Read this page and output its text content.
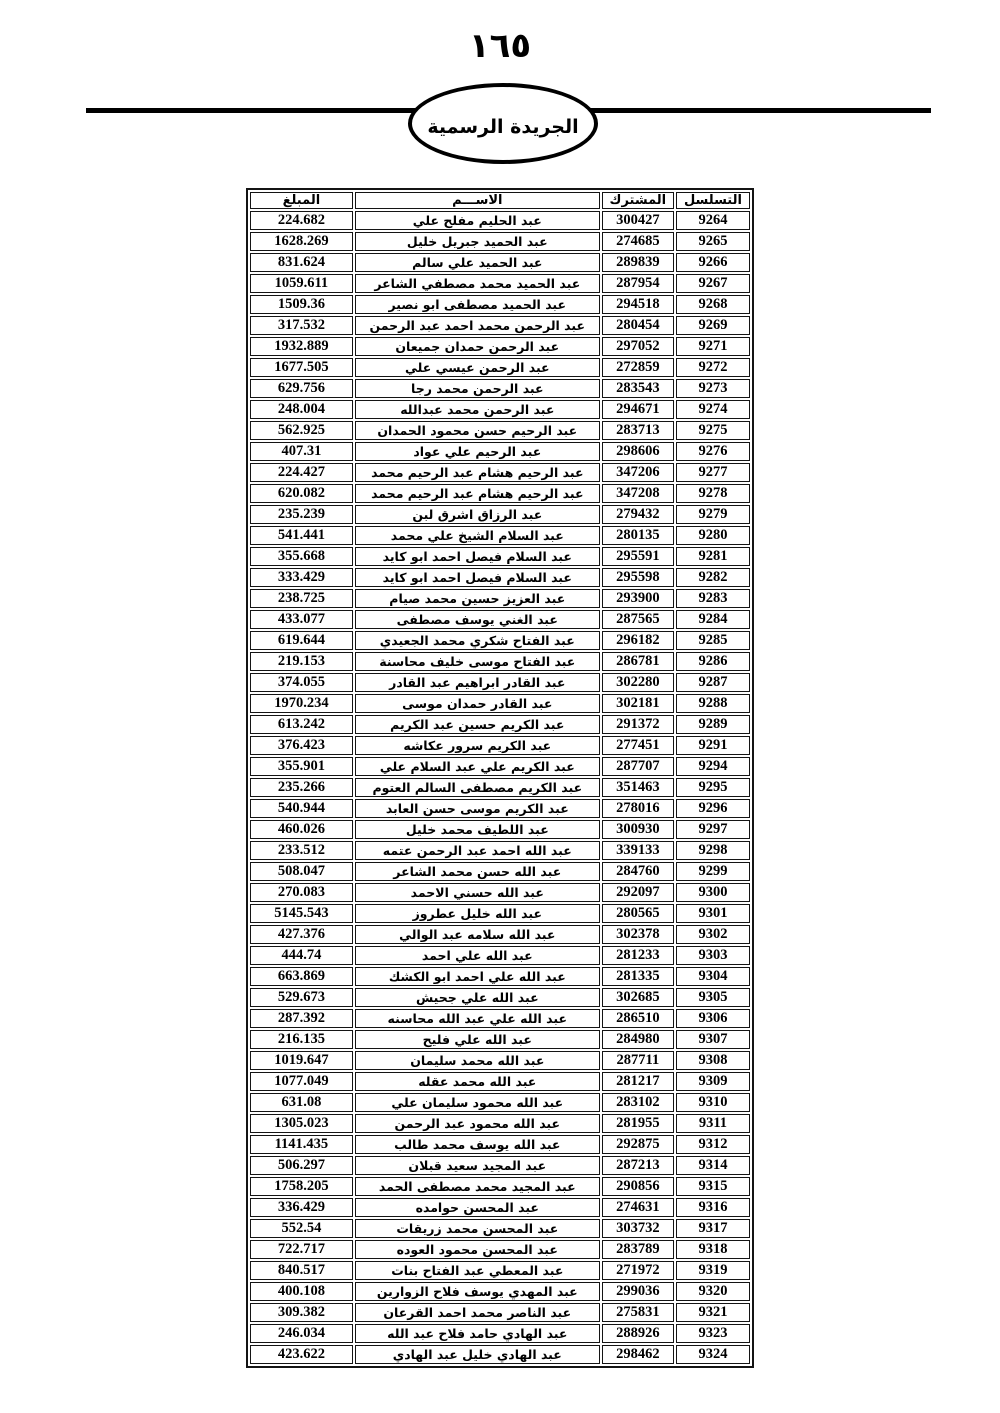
١٦٥
الجريدة الرسمية
التسلسل	المشترك	الاســـم	المبلغ
9264	300427	عبد الحليم مفلح علي	224.682
9265	274685	عبد الحميد جبريل خليل	1628.269
9266	289839	عبد الحميد علي سالم	831.624
9267	287954	عبد الحميد محمد مصطفي الشاعر	1059.611
9268	294518	عبد الحميد مصطفى ابو نصير	1509.36
9269	280454	عبد الرحمن محمد احمد عبد الرحمن	317.532
9271	297052	عبد الرحمن حمدان جميعان	1932.889
9272	272859	عبد الرحمن عيسي علي	1677.505
9273	283543	عبد الرحمن محمد رجا	629.756
9274	294671	عبد الرحمن محمد عبدالله	248.004
9275	283713	عبد الرحيم حسن محمود الحمدان	562.925
9276	298606	عبد الرحيم علي عواد	407.31
9277	347206	عبد الرحيم هشام عبد الرحيم محمد	224.427
9278	347208	عبد الرحيم هشام عبد الرحيم محمد	620.082
9279	279432	عبد الرزاق اشرق لبن	235.239
9280	280135	عبد السلام الشيخ علي محمد	541.441
9281	295591	عبد السلام فيصل احمد ابو كايد	355.668
9282	295598	عبد السلام فيصل احمد ابو كايد	333.429
9283	293900	عبد العزيز حسين محمد صيام	238.725
9284	287565	عبد الغني يوسف مصطفى	433.077
9285	296182	عبد الفتاح شكري محمد الجعيدي	619.644
9286	286781	عبد الفتاح موسى خليف محاسنة	219.153
9287	302280	عبد القادر ابراهيم عبد القادر	374.055
9288	302181	عبد القادر حمدان موسى	1970.234
9289	291372	عبد الكريم حسين عبد الكريم	613.242
9291	277451	عبد الكريم سرور عكاشه	376.423
9294	287707	عبد الكريم علي عبد السلام علي	355.901
9295	351463	عبد الكريم مصطفى السالم العتوم	235.266
9296	278016	عبد الكريم موسى حسن العابد	540.944
9297	300930	عبد اللطيف محمد خليل	460.026
9298	339133	عبد الله احمد عبد الرحمن عتمه	233.512
9299	284760	عبد الله حسن محمد الشاعر	508.047
9300	292097	عبد الله حسني الاحمد	270.083
9301	280565	عبد الله خليل عطروز	5145.543
9302	302378	عبد الله سلامه عبد الوالي	427.376
9303	281233	عبد الله علي احمد	444.74
9304	281335	عبد الله علي احمد ابو الكشك	663.869
9305	302685	عبد الله علي جحيش	529.673
9306	286510	عبد الله علي عبد الله محاسنه	287.392
9307	284980	عبد الله علي فليح	216.135
9308	287711	عبد الله محمد سليمان	1019.647
9309	281217	عبد الله محمد عقله	1077.049
9310	283102	عبد الله محمود سليمان علي	631.08
9311	281955	عبد الله محمود عبد الرحمن	1305.023
9312	292875	عبد الله يوسف محمد طالب	1141.435
9314	287213	عبد المجيد سعيد قبلان	506.297
9315	290856	عبد المجيد محمد مصطفى الحمد	1758.205
9316	274631	عبد المحسن حوامده	336.429
9317	303732	عبد المحسن محمد زريقات	552.54
9318	283789	عبد المحسن محمود العوده	722.717
9319	271972	عبد المعطي عبد الفتاح بنات	840.517
9320	299036	عبد المهدي يوسف فلاح الزوارين	400.108
9321	275831	عبد الناصر محمد احمد القرعان	309.382
9323	288926	عبد الهادي حامد فلاح عبد الله	246.034
9324	298462	عبد الهادي خليل عبد الهادي	423.622
